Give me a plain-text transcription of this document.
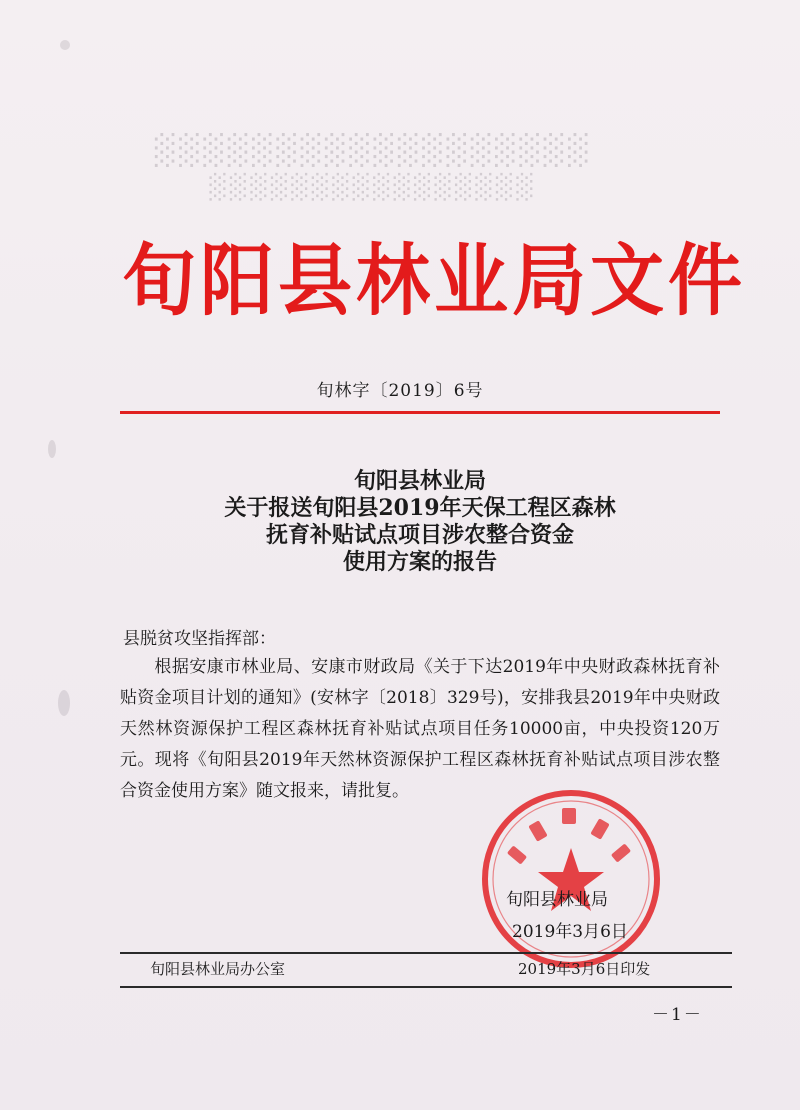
░░░░░░░░░░░░░░░░░░
░░░░░░░░░░░░░░░░
旬阳县林业局文件
旬林字〔2019〕6号
旬阳县林业局
关于报送旬阳县2019年天保工程区森林
抚育补贴试点项目涉农整合资金
使用方案的报告
县脱贫攻坚指挥部：
根据安康市林业局、安康市财政局《关于下达2019年中央财政森林抚育补贴资金项目计划的通知》(安林字〔2018〕329号)，安排我县2019年中央财政天然林资源保护工程区森林抚育补贴试点项目任务10000亩，中央投资120万元。现将《旬阳县2019年天然林资源保护工程区森林抚育补贴试点项目涉农整合资金使用方案》随文报来，请批复。
旬阳县林业局
2019年3月6日
旬阳县林业局办公室	2019年3月6日印发
－1－
